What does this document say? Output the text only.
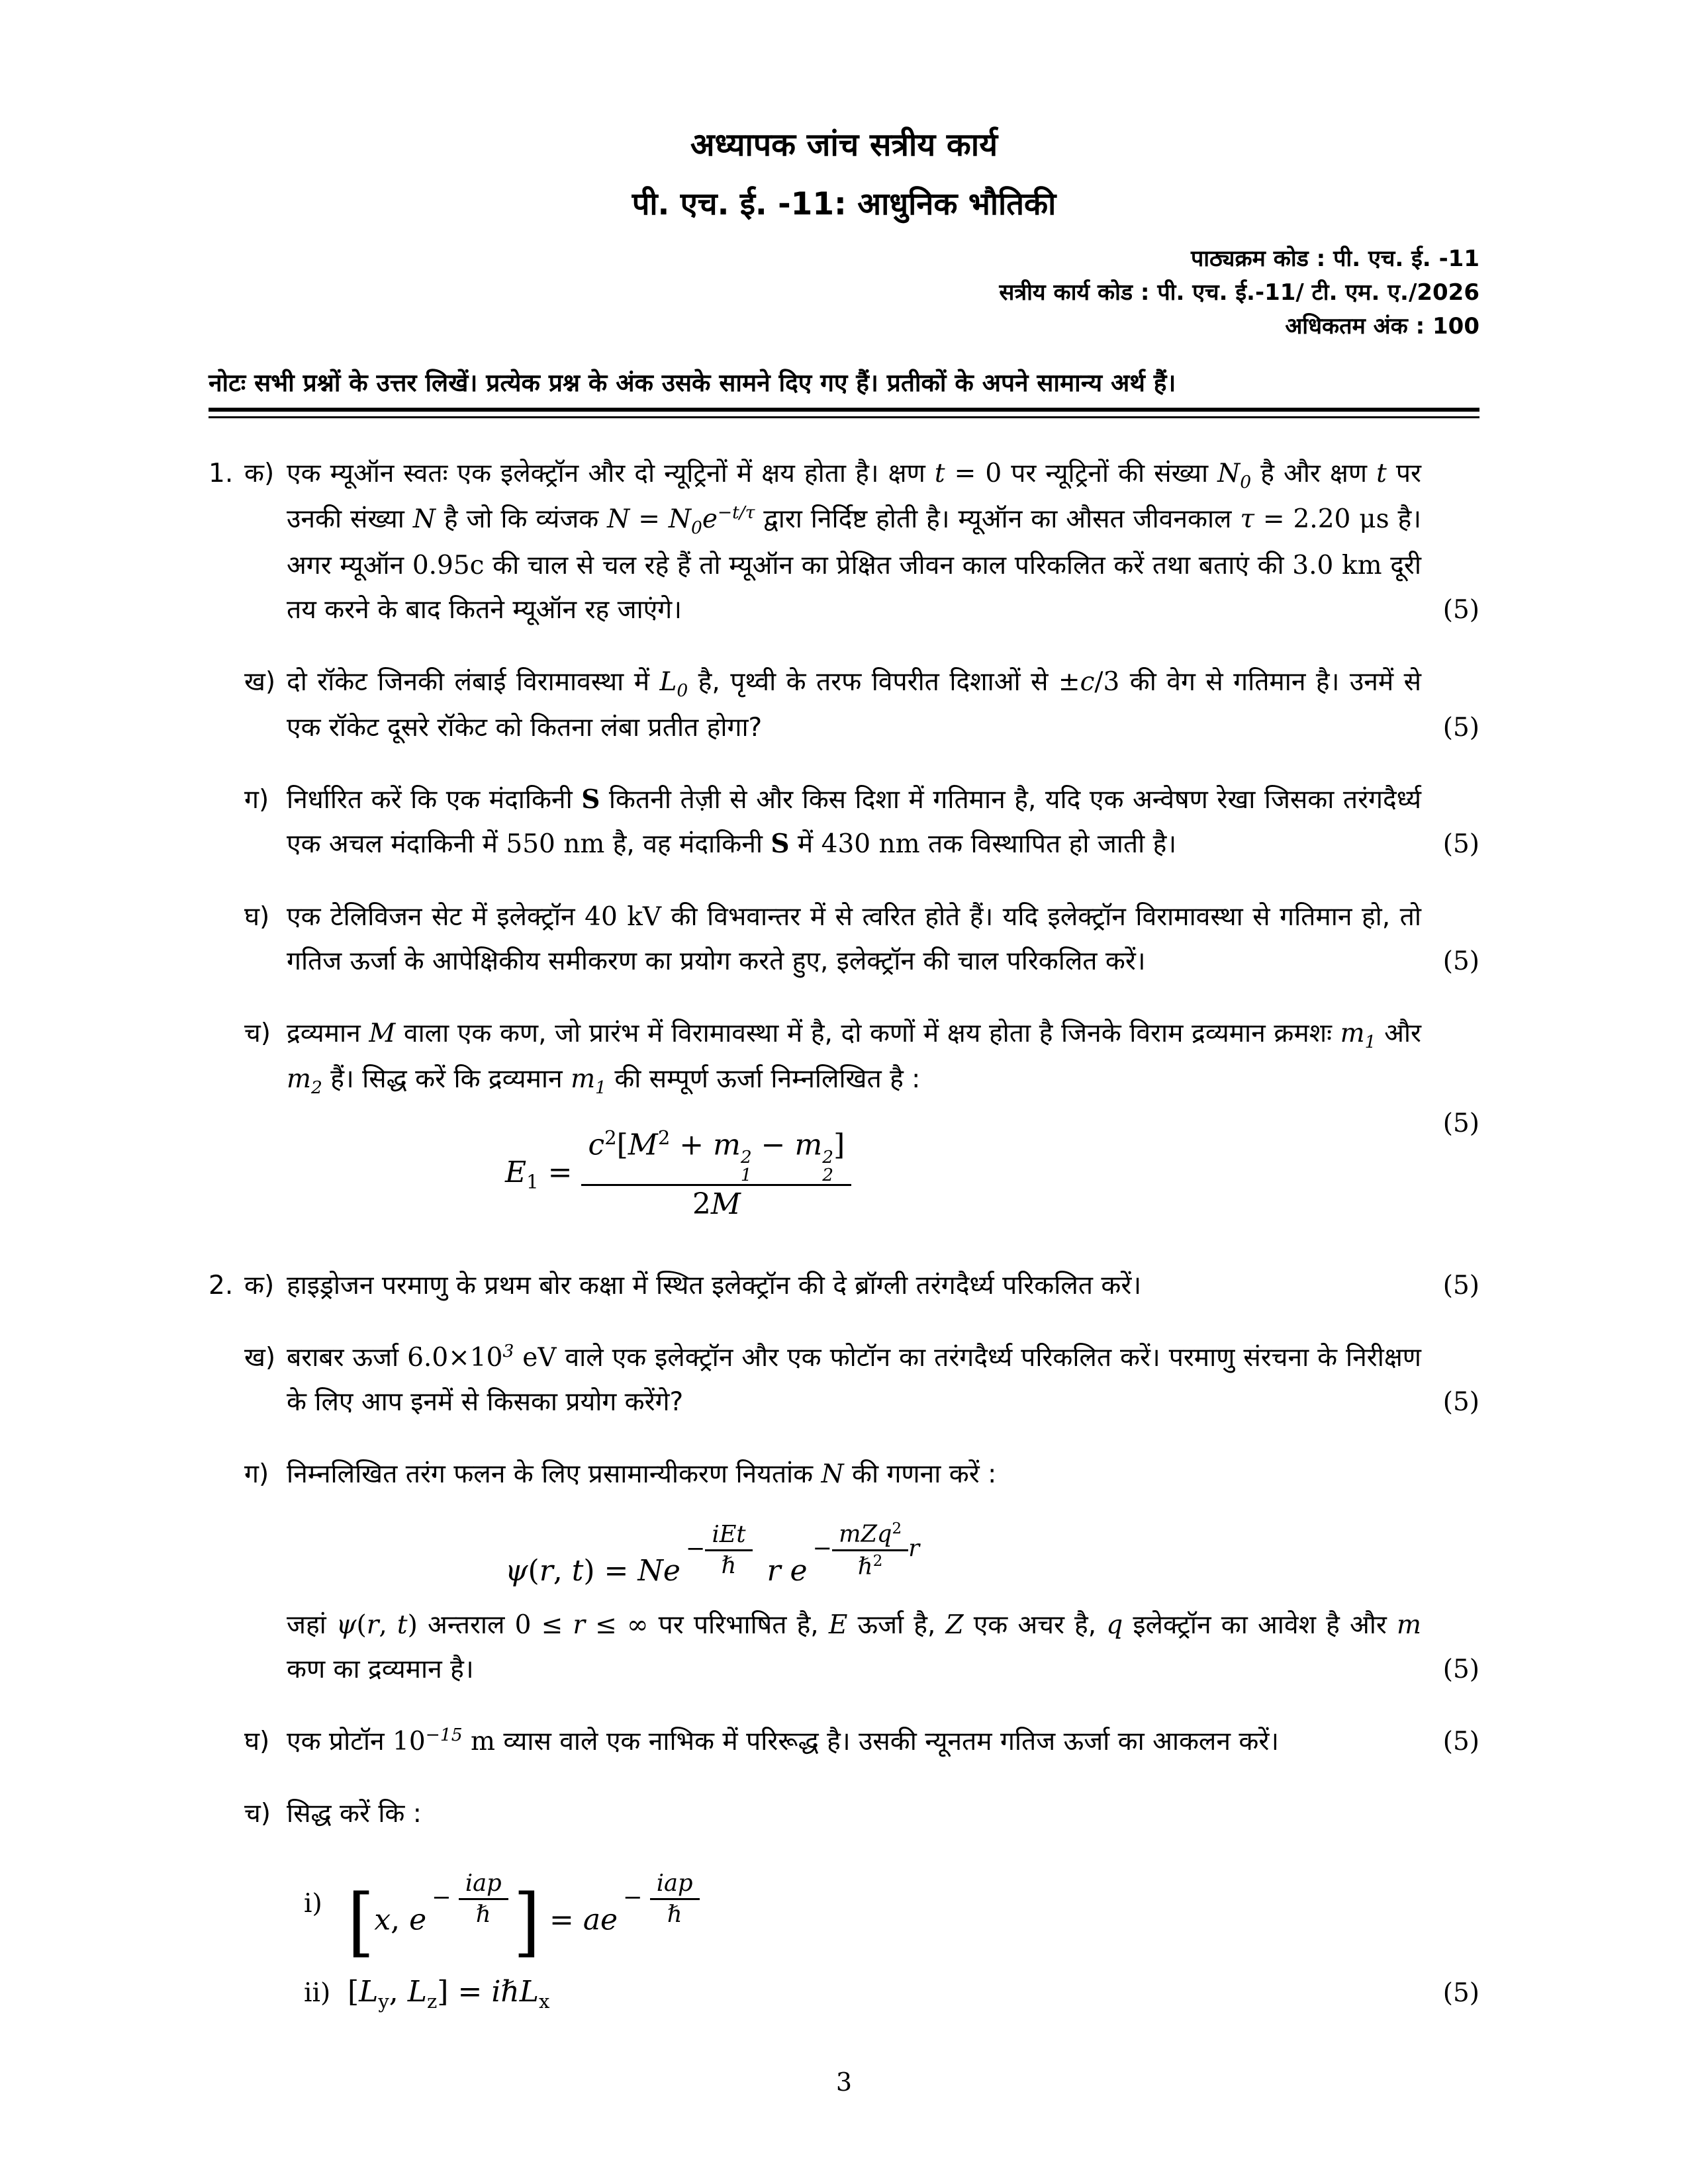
अध्यापक जांच सत्रीय कार्य
पी. एच. ई. -11: आधुनिक भौतिकी
पाठ्यक्रम कोड : पी. एच. ई. -11
सत्रीय कार्य कोड : पी. एच. ई.-11/ टी. एम. ए./2026
अधिकतम अंक : 100
नोटः सभी प्रश्नों के उत्तर लिखें। प्रत्येक प्रश्न के अंक उसके सामने दिए गए हैं। प्रतीकों के अपने सामान्य अर्थ हैं।
1. क) एक म्यूऑन स्वतः एक इलेक्ट्रॉन और दो न्यूट्रिनों में क्षय होता है। क्षण t = 0 पर न्यूट्रिनों की संख्या $N_0$ है और क्षण t पर उनकी संख्या N है जो कि व्यंजक $N = N_0e^{-t/\tau}$ द्वारा निर्दिष्ट होती है। म्यूऑन का औसत जीवनकाल τ = 2.20 μs है। अगर म्यूऑन 0.95c की चाल से चल रहे हैं तो म्यूऑन का प्रेक्षित जीवन काल परिकलित करें तथा बताएं की 3.0 km दूरी तय करने के बाद कितने म्यूऑन रह जाएंगे।	(5)
ख) दो रॉकेट जिनकी लंबाई विरामावस्था में $L_0$ है, पृथ्वी के तरफ विपरीत दिशाओं से ±c/3 की वेग से गतिमान है। उनमें से एक रॉकेट दूसरे रॉकेट को कितना लंबा प्रतीत होगा?	(5)
ग) निर्धारित करें कि एक मंदाकिनी S कितनी तेज़ी से और किस दिशा में गतिमान है, यदि एक अन्वेषण रेखा जिसका तरंगदैर्ध्य एक अचल मंदाकिनी में 550 nm है, वह मंदाकिनी S में 430 nm तक विस्थापित हो जाती है।	(5)
घ) एक टेलिविजन सेट में इलेक्ट्रॉन 40 kV की विभवान्तर में से त्वरित होते हैं। यदि इलेक्ट्रॉन विरामावस्था से गतिमान हो, तो गतिज ऊर्जा के आपेक्षिकीय समीकरण का प्रयोग करते हुए, इलेक्ट्रॉन की चाल परिकलित करें।	(5)
च) द्रव्यमान M वाला एक कण, जो प्रारंभ में विरामावस्था में है, दो कणों में क्षय होता है जिनके विराम द्रव्यमान क्रमशः $m_1$ और $m_2$ हैं। सिद्ध करें कि द्रव्यमान $m_1$ की सम्पूर्ण ऊर्जा निम्नलिखित है :
$E_1 = c^2[M^2 + m$ 2
1
− m 2
2
]
2M
(5)
2. क) हाइड्रोजन परमाणु के प्रथम बोर कक्षा में स्थित इलेक्ट्रॉन की दे ब्रॉग्ली तरंगदैर्ध्य परिकलित करें।	(5)
ख) बराबर ऊर्जा $6.0\times 10^3$ eV वाले एक इलेक्ट्रॉन और एक फोटॉन का तरंगदैर्ध्य परिकलित करें। परमाणु संरचना के निरीक्षण के लिए आप इनमें से किसका प्रयोग करेंगे?	(5)
ग) निम्नलिखित तरंग फलन के लिए प्रसामान्यीकरण नियतांक N की गणना करें :
ψ(r, t) = Ne−
iEt
ℏ r e−
mZq$^2$
ℏ$^2$	r
जहां ψ(r, t) अन्तराल 0 ≤ r ≤ ∞ पर परिभाषित है, E ऊर्जा है, Z एक अचर है, q इलेक्ट्रॉन का आवेश है और m कण का द्रव्यमान है।	(5)
घ) एक प्रोटॉन $10^{-15}$ m व्यास वाले एक नाभिक में परिरूद्ध है। उसकी न्यूनतम गतिज ऊर्जा का आकलन करें।	(5)
च) सिद्ध करें कि :
i) [x, e−
iap
ℏ ] = ae−
iap
ℏ
ii) [$L_y$, $L_z$] = iℏL$_x$	(5)
3
